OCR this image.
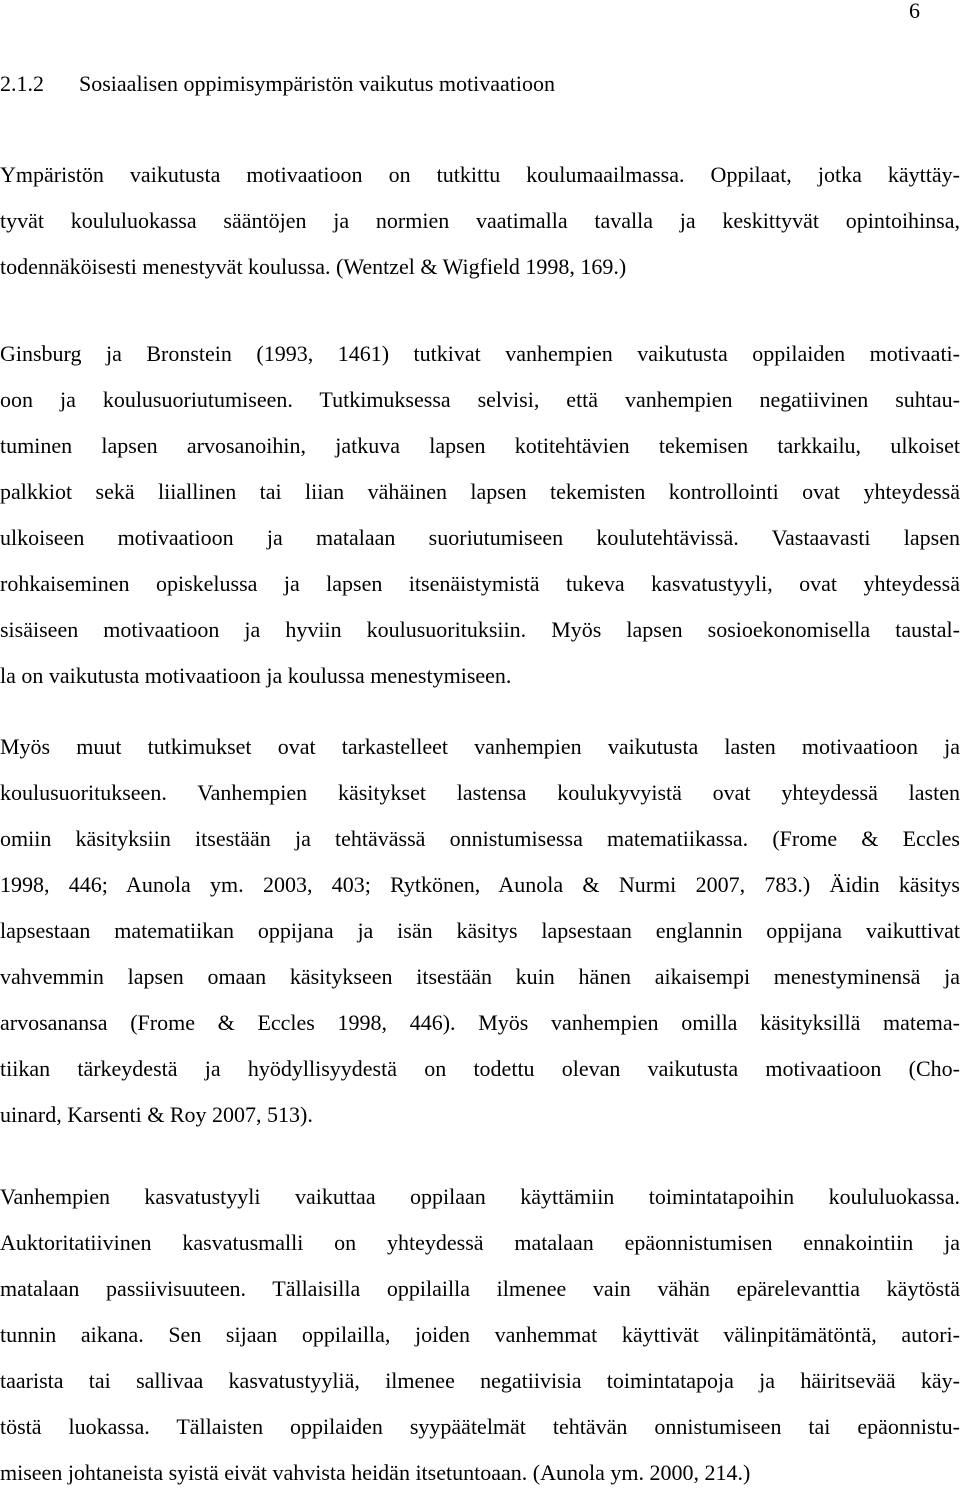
6
2.1.2 Sosiaalisen oppimisympäristön vaikutus motivaatioon
Ympäristön vaikutusta motivaatioon on tutkittu koulumaailmassa. Oppilaat, jotka käyttäy-
tyvät koululuokassa sääntöjen ja normien vaatimalla tavalla ja keskittyvät opintoihinsa,
todennäköisesti menestyvät koulussa. (Wentzel & Wigfield 1998, 169.)
Ginsburg ja Bronstein (1993, 1461) tutkivat vanhempien vaikutusta oppilaiden motivaati-
oon ja koulusuoriutumiseen. Tutkimuksessa selvisi, että vanhempien negatiivinen suhtau-
tuminen lapsen arvosanoihin, jatkuva lapsen kotitehtävien tekemisen tarkkailu, ulkoiset
palkkiot sekä liiallinen tai liian vähäinen lapsen tekemisten kontrollointi ovat yhteydessä
ulkoiseen motivaatioon ja matalaan suoriutumiseen koulutehtävissä. Vastaavasti lapsen
rohkaiseminen opiskelussa ja lapsen itsenäistymistä tukeva kasvatustyyli, ovat yhteydessä
sisäiseen motivaatioon ja hyviin koulusuorituksiin. Myös lapsen sosioekonomisella taustal-
la on vaikutusta motivaatioon ja koulussa menestymiseen.
Myös muut tutkimukset ovat tarkastelleet vanhempien vaikutusta lasten motivaatioon ja
koulusuoritukseen. Vanhempien käsitykset lastensa koulukyvyistä ovat yhteydessä lasten
omiin käsityksiin itsestään ja tehtävässä onnistumisessa matematiikassa. (Frome & Eccles
1998, 446; Aunola ym. 2003, 403; Rytkönen, Aunola & Nurmi 2007, 783.) Äidin käsitys
lapsestaan matematiikan oppijana ja isän käsitys lapsestaan englannin oppijana vaikuttivat
vahvemmin lapsen omaan käsitykseen itsestään kuin hänen aikaisempi menestyminensä ja
arvosanansa (Frome & Eccles 1998, 446). Myös vanhempien omilla käsityksillä matema-
tiikan tärkeydestä ja hyödyllisyydestä on todettu olevan vaikutusta motivaatioon (Cho-
uinard, Karsenti & Roy 2007, 513).
Vanhempien kasvatustyyli vaikuttaa oppilaan käyttämiin toimintatapoihin koululuokassa.
Auktoritatiivinen kasvatusmalli on yhteydessä matalaan epäonnistumisen ennakointiin ja
matalaan passiivisuuteen. Tällaisilla oppilailla ilmenee vain vähän epärelevanttia käytöstä
tunnin aikana. Sen sijaan oppilailla, joiden vanhemmat käyttivät välinpitämätöntä, autori-
taarista tai sallivaa kasvatustyyliä, ilmenee negatiivisia toimintatapoja ja häiritsevää käy-
töstä luokassa. Tällaisten oppilaiden syypäätelmät tehtävän onnistumiseen tai epäonnistu-
miseen johtaneista syistä eivät vahvista heidän itsetuntoaan. (Aunola ym. 2000, 214.)
